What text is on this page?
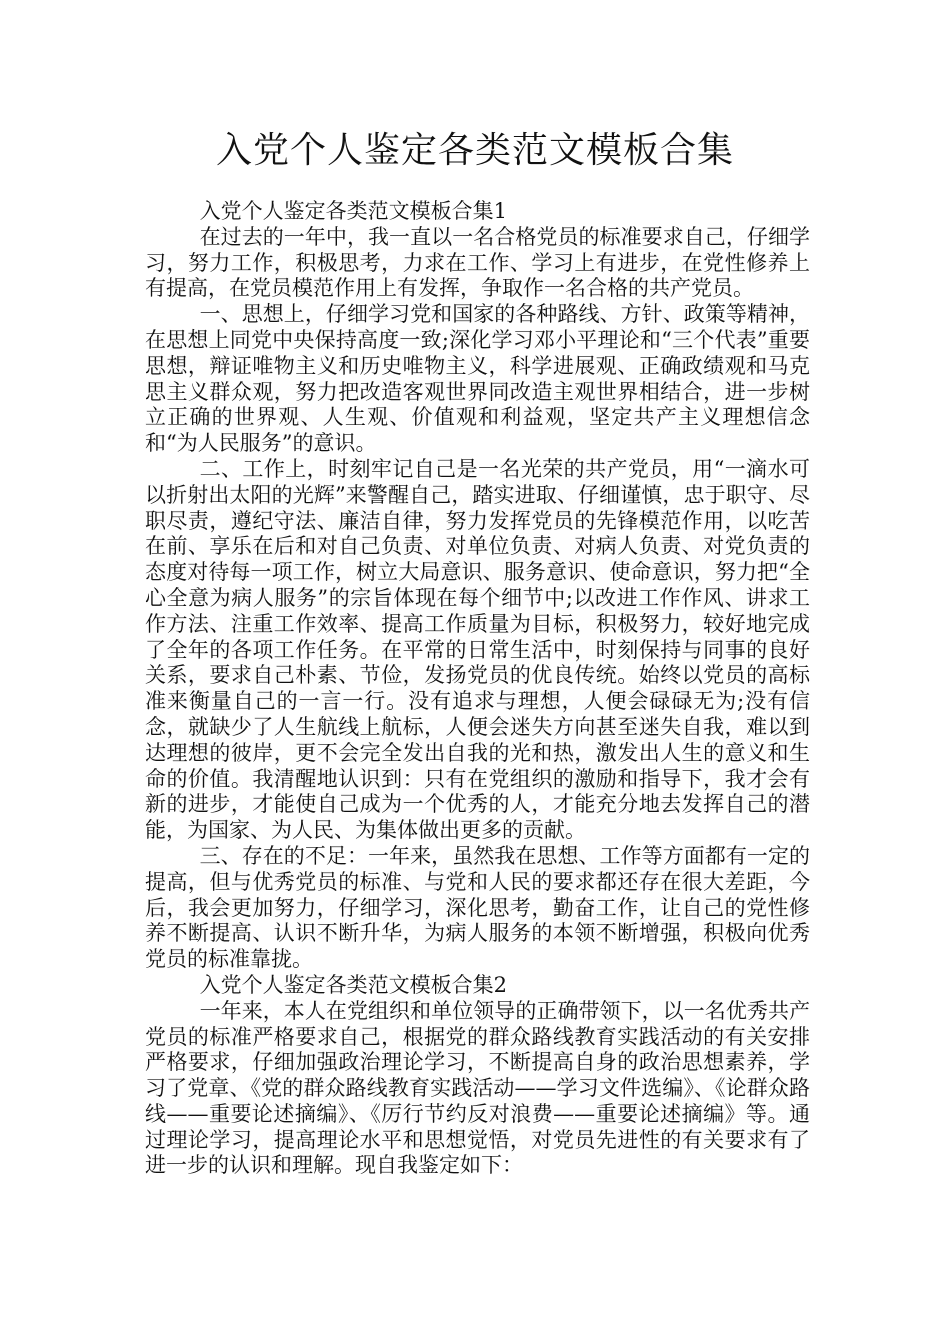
入党个人鉴定各类范文模板合集

入党个人鉴定各类范文模板合集1

在过去的一年中，我一直以一名合格党员的标准要求自己，仔细学习，努力工作，积极思考，力求在工作、学习上有进步，在党性修养上有提高，在党员模范作用上有发挥，争取作一名合格的共产党员。

一、思想上，仔细学习党和国家的各种路线、方针、政策等精神，在思想上同党中央保持高度一致;深化学习邓小平理论和“三个代表”重要思想，辩证唯物主义和历史唯物主义，科学进展观、正确政绩观和马克思主义群众观，努力把改造客观世界同改造主观世界相结合，进一步树立正确的世界观、人生观、价值观和利益观，坚定共产主义理想信念和“为人民服务”的意识。

二、工作上，时刻牢记自己是一名光荣的共产党员，用“一滴水可以折射出太阳的光辉”来警醒自己，踏实进取、仔细谨慎，忠于职守、尽职尽责，遵纪守法、廉洁自律，努力发挥党员的先锋模范作用，以吃苦在前、享乐在后和对自己负责、对单位负责、对病人负责、对党负责的态度对待每一项工作，树立大局意识、服务意识、使命意识，努力把“全心全意为病人服务”的宗旨体现在每个细节中;以改进工作作风、讲求工作方法、注重工作效率、提高工作质量为目标，积极努力，较好地完成了全年的各项工作任务。在平常的日常生活中，时刻保持与同事的良好关系，要求自己朴素、节俭，发扬党员的优良传统。始终以党员的高标准来衡量自己的一言一行。没有追求与理想，人便会碌碌无为;没有信念，就缺少了人生航线上航标，人便会迷失方向甚至迷失自我，难以到达理想的彼岸，更不会完全发出自我的光和热，激发出人生的意义和生命的价值。我清醒地认识到：只有在党组织的激励和指导下，我才会有新的进步，才能使自己成为一个优秀的人，才能充分地去发挥自己的潜能，为国家、为人民、为集体做出更多的贡献。

三、存在的不足：一年来，虽然我在思想、工作等方面都有一定的提高，但与优秀党员的标准、与党和人民的要求都还存在很大差距，今后，我会更加努力，仔细学习，深化思考，勤奋工作，让自己的党性修养不断提高、认识不断升华，为病人服务的本领不断增强，积极向优秀党员的标准靠拢。

入党个人鉴定各类范文模板合集2

一年来，本人在党组织和单位领导的正确带领下，以一名优秀共产党员的标准严格要求自己，根据党的群众路线教育实践活动的有关安排严格要求，仔细加强政治理论学习，不断提高自身的政治思想素养，学习了党章、《党的群众路线教育实践活动——学习文件选编》、《论群众路线——重要论述摘编》、《厉行节约反对浪费——重要论述摘编》等。通过理论学习，提高理论水平和思想觉悟，对党员先进性的有关要求有了进一步的认识和理解。现自我鉴定如下：
